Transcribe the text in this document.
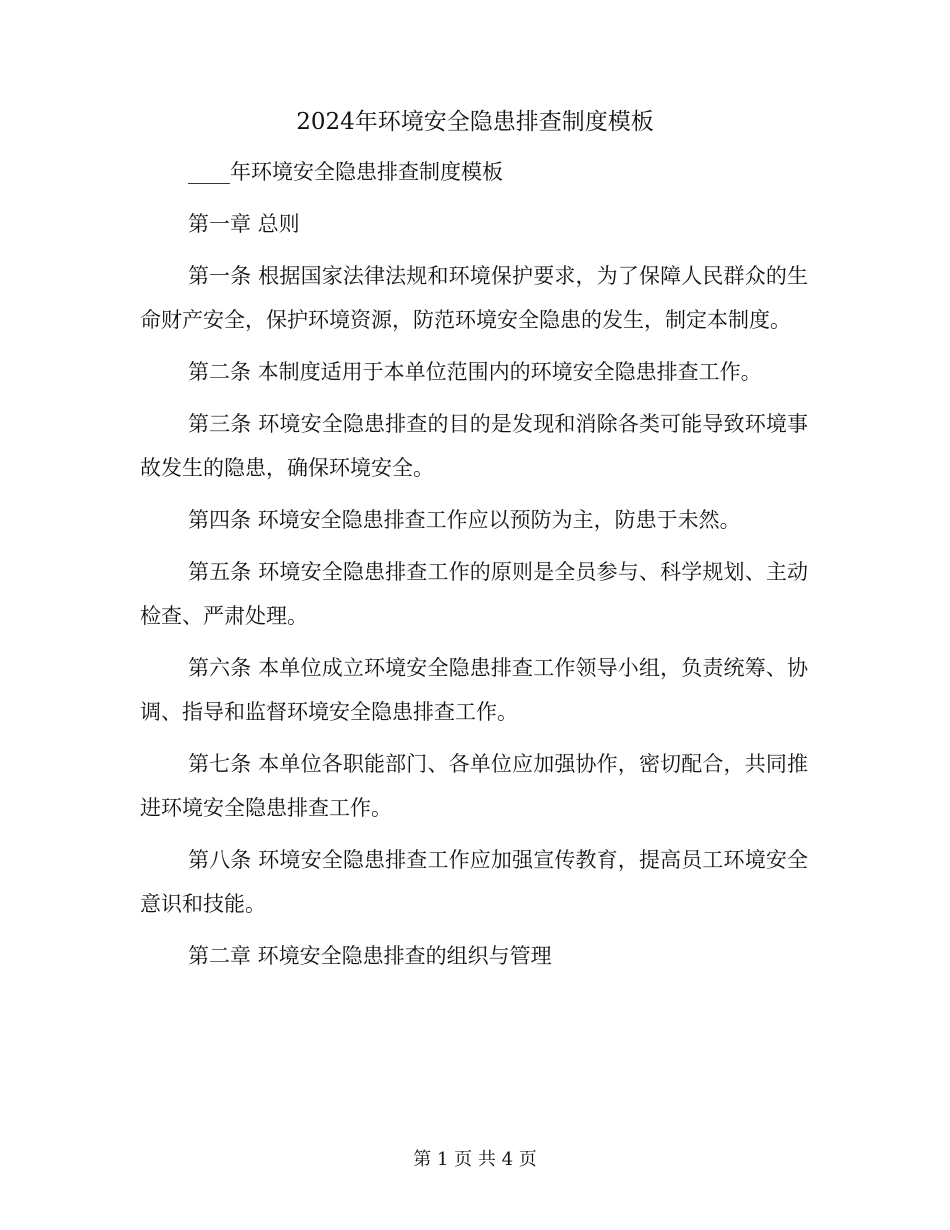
2024年环境安全隐患排查制度模板

____年环境安全隐患排查制度模板

第一章 总则

第一条 根据国家法律法规和环境保护要求，为了保障人民群众的生命财产安全，保护环境资源，防范环境安全隐患的发生，制定本制度。

第二条 本制度适用于本单位范围内的环境安全隐患排查工作。

第三条 环境安全隐患排查的目的是发现和消除各类可能导致环境事故发生的隐患，确保环境安全。

第四条 环境安全隐患排查工作应以预防为主，防患于未然。

第五条 环境安全隐患排查工作的原则是全员参与、科学规划、主动检查、严肃处理。

第六条 本单位成立环境安全隐患排查工作领导小组，负责统筹、协调、指导和监督环境安全隐患排查工作。

第七条 本单位各职能部门、各单位应加强协作，密切配合，共同推进环境安全隐患排查工作。

第八条 环境安全隐患排查工作应加强宣传教育，提高员工环境安全意识和技能。

第二章 环境安全隐患排查的组织与管理

第 1 页 共 4 页
